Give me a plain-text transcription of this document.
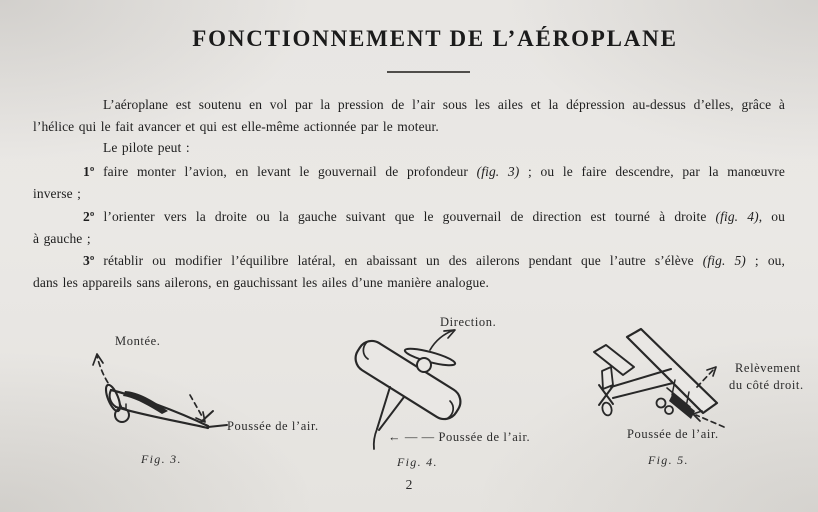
FONCTIONNEMENT DE L’AÉROPLANE
L’aéroplane est soutenu en vol par la pression de l’air sous les ailes et la dépression au-dessus d’elles, grâce à
l’hélice qui le fait avancer et qui est elle-même actionnée par le moteur.
Le pilote peut :
1º faire monter l’avion, en levant le gouvernail de profondeur (fig. 3) ; ou le faire descendre, par la manœuvre
inverse ;
2º l’orienter vers la droite ou la gauche suivant que le gouvernail de direction est tourné à droite (fig. 4), ou
à gauche ;
3º rétablir ou modifier l’équilibre latéral, en abaissant un des ailerons pendant que l’autre s’élève (fig. 5) ; ou,
dans les appareils sans ailerons, en gauchissant les ailes d’une manière analogue.
Montée.
Poussée de l’air.
Fig. 3.
Direction.
← — — Poussée de l’air.
Fig. 4.
Relèvement
du côté droit.
Poussée de l’air.
Fig. 5.
2
